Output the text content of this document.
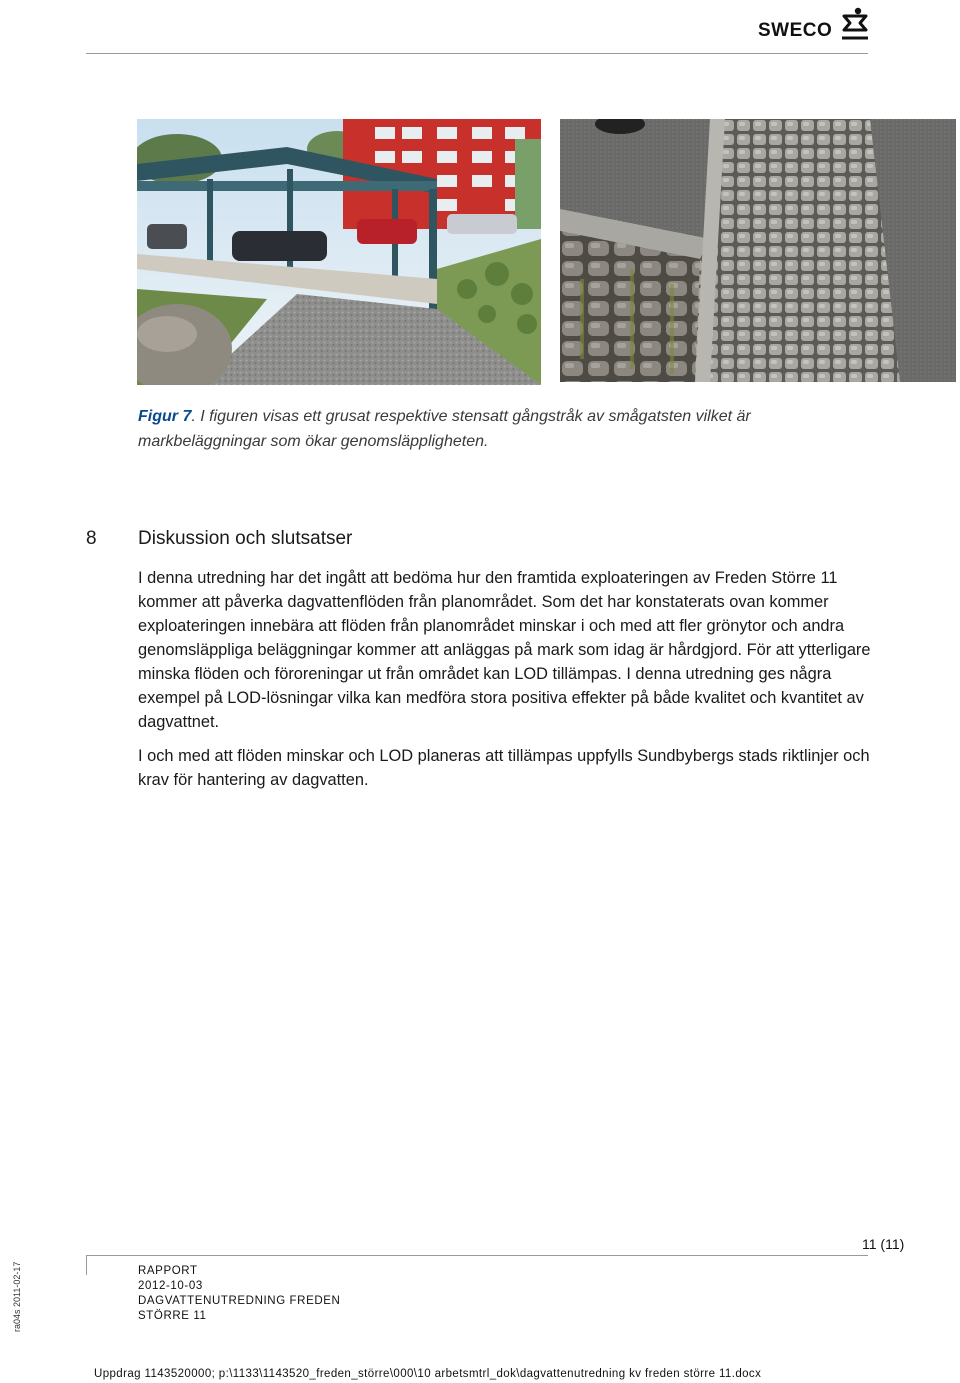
SWECO
Figur 7. I figuren visas ett grusat respektive stensatt gångstråk av smågatsten vilket är markbeläggningar som ökar genomsläppligheten.
8 Diskussion och slutsatser
I denna utredning har det ingått att bedöma hur den framtida exploateringen av Freden Större 11 kommer att påverka dagvattenflöden från planområdet. Som det har konstaterats ovan kommer exploateringen innebära att flöden från planområdet minskar i och med att fler grönytor och andra genomsläppliga beläggningar kommer att anläggas på mark som idag är hårdgjord. För att ytterligare minska flöden och föroreningar ut från området kan LOD tillämpas. I denna utredning ges några exempel på LOD-lösningar vilka kan medföra stora positiva effekter på både kvalitet och kvantitet av dagvattnet.
I och med att flöden minskar och LOD planeras att tillämpas uppfylls Sundbybergs stads riktlinjer och krav för hantering av dagvatten.
11 (11)
RAPPORT
2012-10-03
DAGVATTENUTREDNING FREDEN
STÖRRE 11
ra04s 2011-02-17
Uppdrag 1143520000; p:\1133\1143520_freden_större\000\10 arbetsmtrl_dok\dagvattenutredning kv freden större 11.docx
